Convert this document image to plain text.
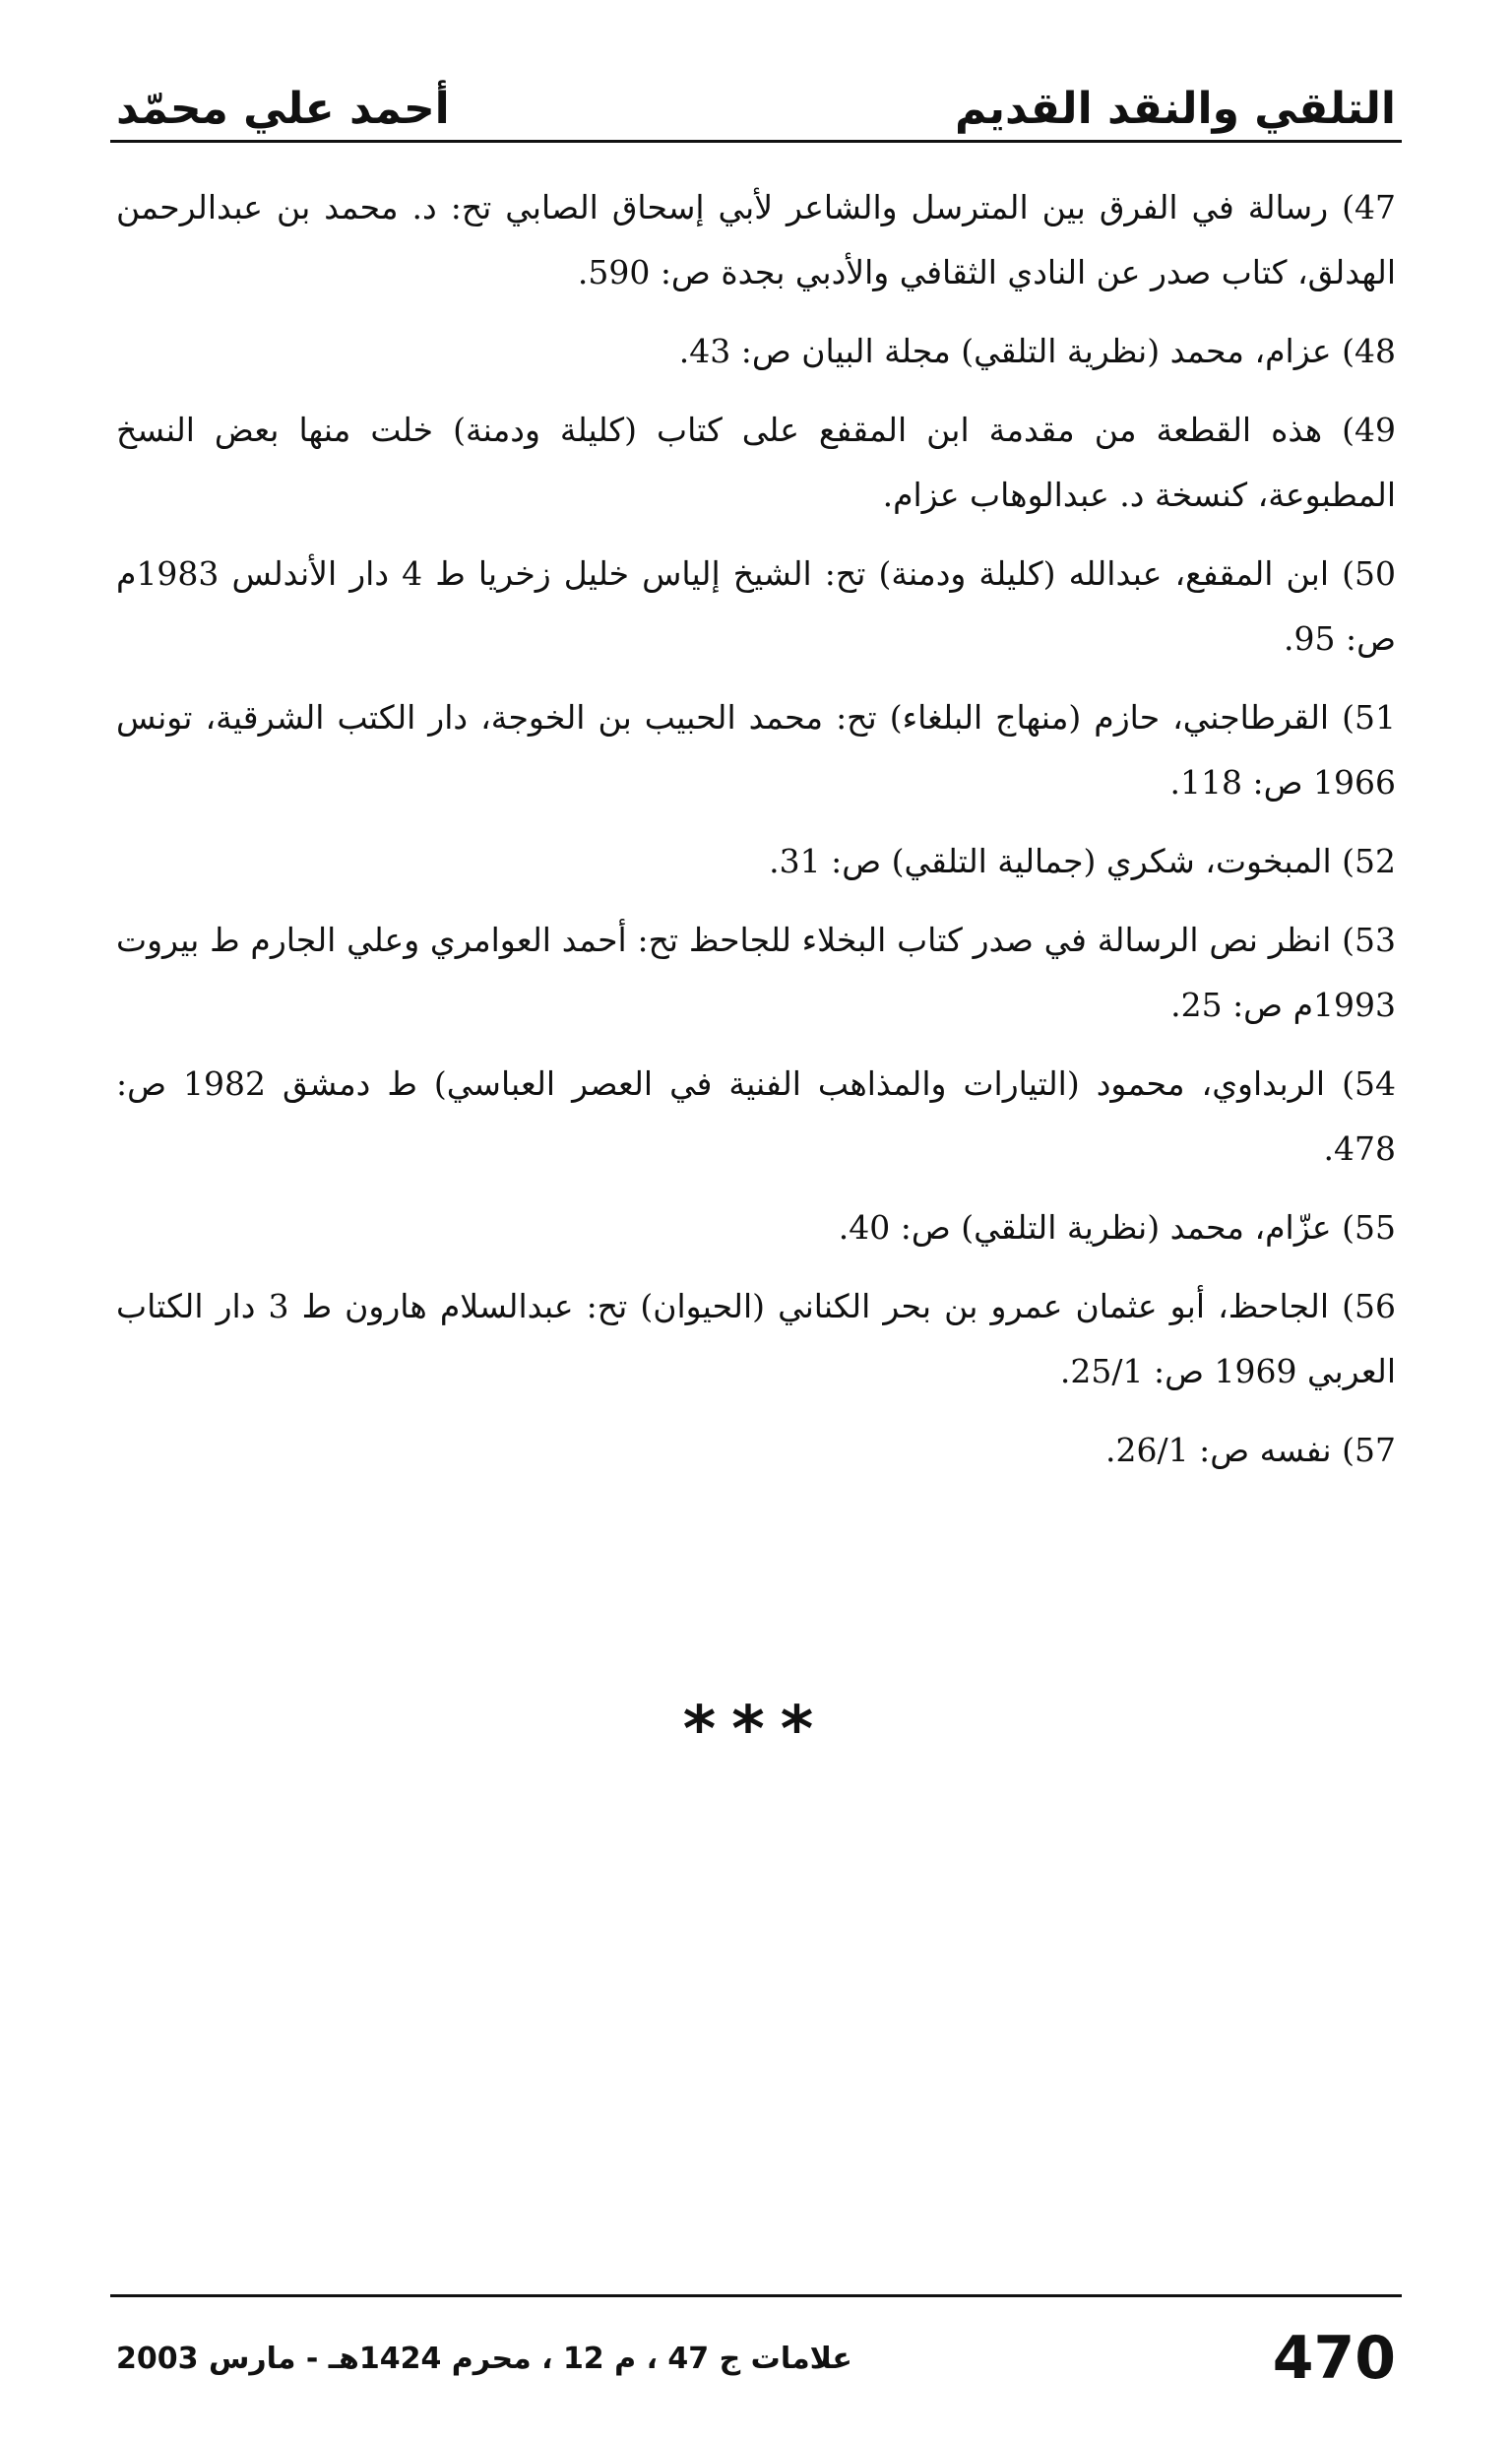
التلقي والنقد القديم
أحمد علي محمّد
47) رسالة في الفرق بين المترسل والشاعر لأبي إسحاق الصابي تح: د. محمد بن عبدالرحمن الهدلق، كتاب صدر عن النادي الثقافي والأدبي بجدة ص: 590.
48) عزام، محمد (نظرية التلقي) مجلة البيان ص: 43.
49) هذه القطعة من مقدمة ابن المقفع على كتاب (كليلة ودمنة) خلت منها بعض النسخ المطبوعة، كنسخة د. عبدالوهاب عزام.
50) ابن المقفع، عبدالله (كليلة ودمنة) تح: الشيخ إلياس خليل زخريا ط 4 دار الأندلس 1983م ص: 95.
51) القرطاجني، حازم (منهاج البلغاء) تح: محمد الحبيب بن الخوجة، دار الكتب الشرقية، تونس 1966 ص: 118.
52) المبخوت، شكري (جمالية التلقي) ص: 31.
53) انظر نص الرسالة في صدر كتاب البخلاء للجاحظ تح: أحمد العوامري وعلي الجارم ط بيروت 1993م ص: 25.
54) الربداوي، محمود (التيارات والمذاهب الفنية في العصر العباسي) ط دمشق 1982 ص: 478.
55) عزّام، محمد (نظرية التلقي) ص: 40.
56) الجاحظ، أبو عثمان عمرو بن بحر الكناني (الحيوان) تح: عبدالسلام هارون ط 3 دار الكتاب العربي 1969 ص: 25/1.
57) نفسه ص: 26/1.
***
470
علامات ج 47 ، م 12 ، محرم 1424هـ - مارس 2003
